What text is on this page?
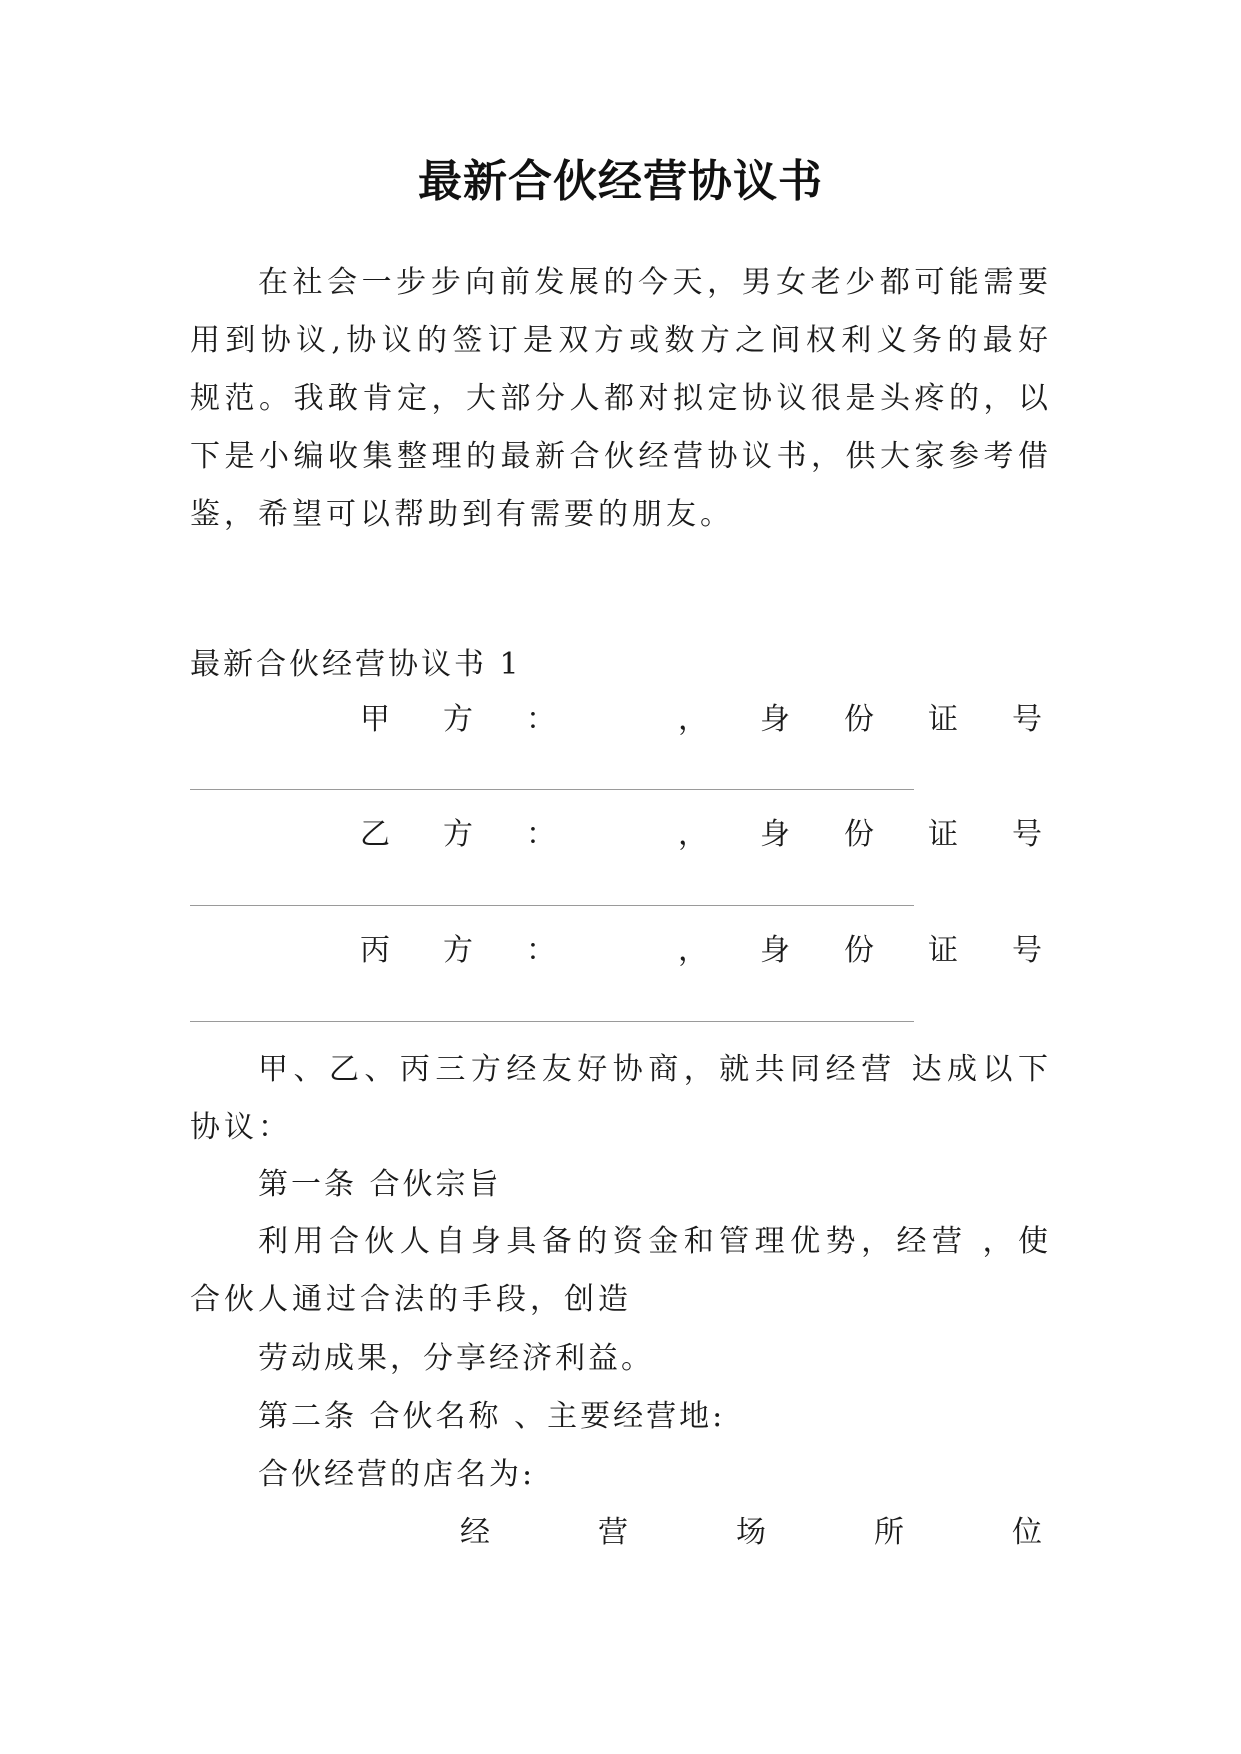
最新合伙经营协议书

在社会一步步向前发展的今天，男女老少都可能需要用到协议,协议的签订是双方或数方之间权利义务的最好规范。我敢肯定，大部分人都对拟定协议很是头疼的，以下是小编收集整理的最新合伙经营协议书，供大家参考借鉴，希望可以帮助到有需要的朋友。

最新合伙经营协议书 1

甲 方 ：	， 身 份 证 号
乙 方 ：	， 身 份 证 号
丙 方 ：	， 身 份 证 号

甲、乙、丙三方经友好协商，就共同经营 达成以下协议：

第一条 合伙宗旨

利用合伙人自身具备的资金和管理优势，经营 ，使合伙人通过合法的手段，创造

劳动成果，分享经济利益。

第二条 合伙名称 、主要经营地:

合伙经营的店名为:

经	营	场	所	位
